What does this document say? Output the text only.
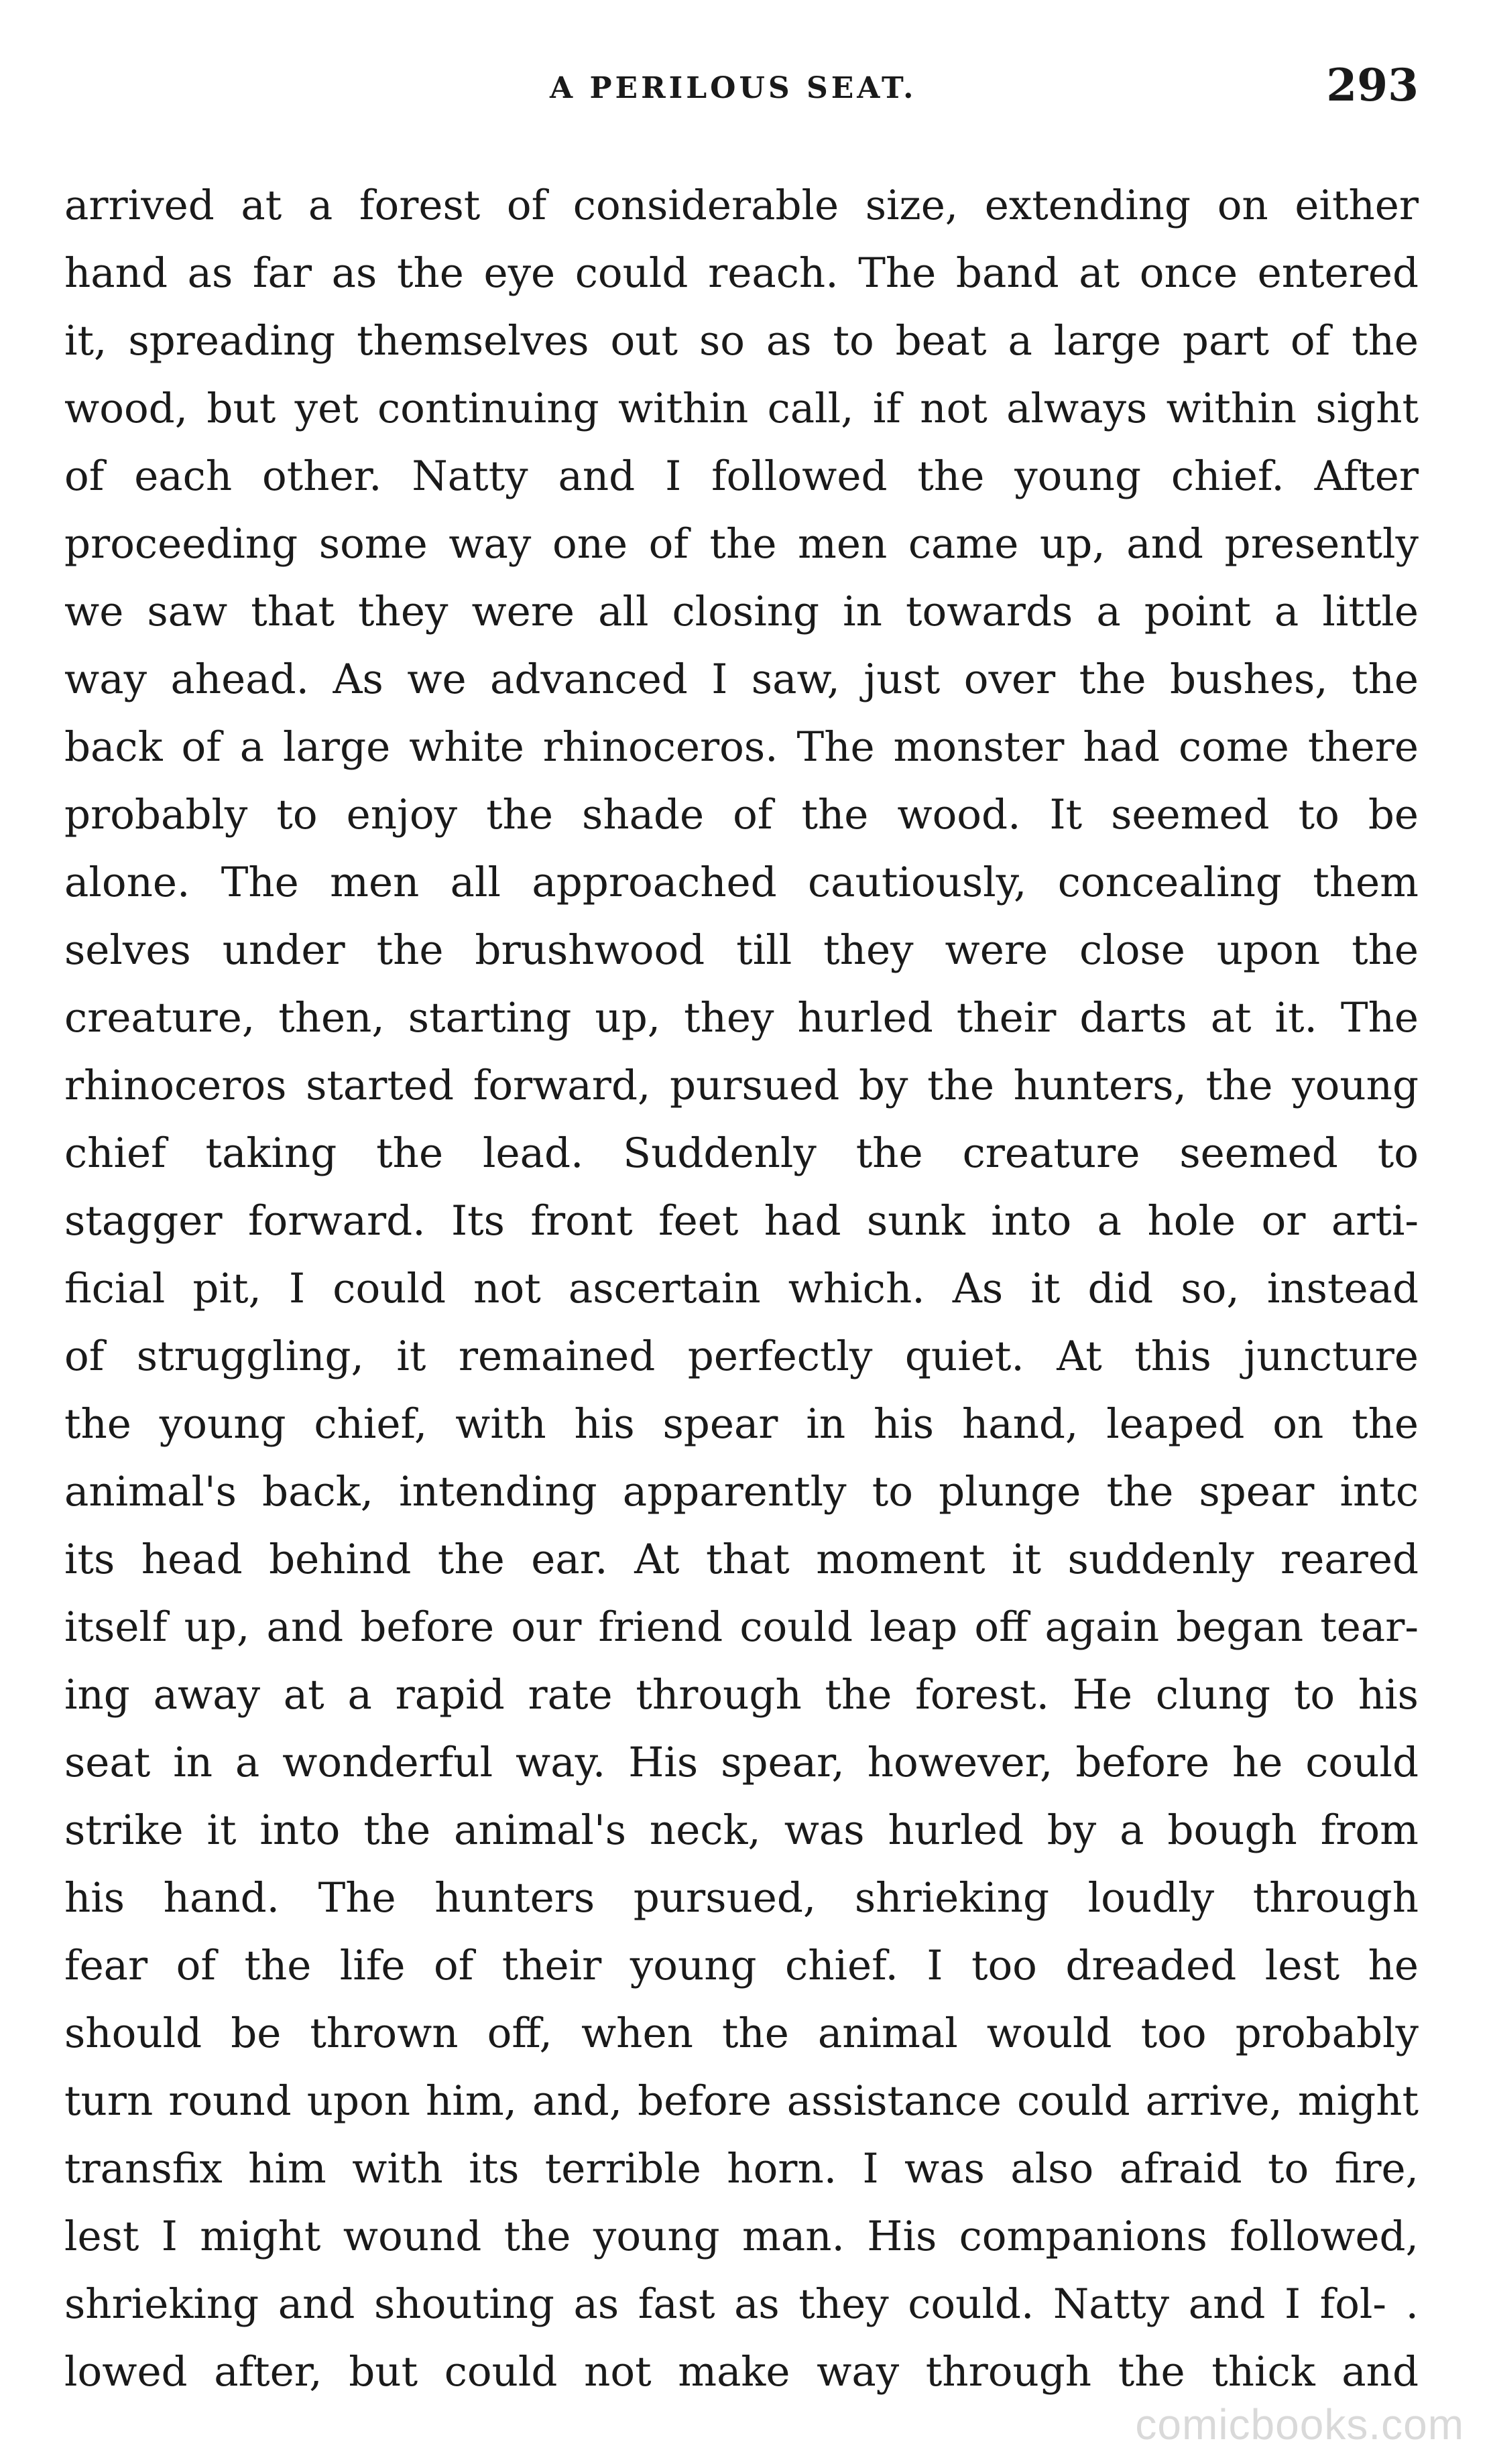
A PERILOUS SEAT.	293
arrived at a forest of considerable size, extending on either
hand as far as the eye could reach. The band at once entered
it, spreading themselves out so as to beat a large part of the
wood, but yet continuing within call, if not always within sight
of each other. Natty and I followed the young chief. After
proceeding some way one of the men came up, and presently
we saw that they were all closing in towards a point a little
way ahead. As we advanced I saw, just over the bushes, the
back of a large white rhinoceros. The monster had come there
probably to enjoy the shade of the wood. It seemed to be
alone. The men all approached cautiously, concealing them
selves under the brushwood till they were close upon the
creature, then, starting up, they hurled their darts at it. The
rhinoceros started forward, pursued by the hunters, the young
chief taking the lead. Suddenly the creature seemed to
stagger forward. Its front feet had sunk into a hole or arti-
ficial pit, I could not ascertain which. As it did so, instead
of struggling, it remained perfectly quiet. At this juncture
the young chief, with his spear in his hand, leaped on the
animal's back, intending apparently to plunge the spear intc
its head behind the ear. At that moment it suddenly reared
itself up, and before our friend could leap off again began tear-
ing away at a rapid rate through the forest. He clung to his
seat in a wonderful way. His spear, however, before he could
strike it into the animal's neck, was hurled by a bough from
his hand. The hunters pursued, shrieking loudly through
fear of the life of their young chief. I too dreaded lest he
should be thrown off, when the animal would too probably
turn round upon him, and, before assistance could arrive, might
transfix him with its terrible horn. I was also afraid to fire,
lest I might wound the young man. His companions followed,
shrieking and shouting as fast as they could. Natty and I fol- .
lowed after, but could not make way through the thick and
comicbooks.com
